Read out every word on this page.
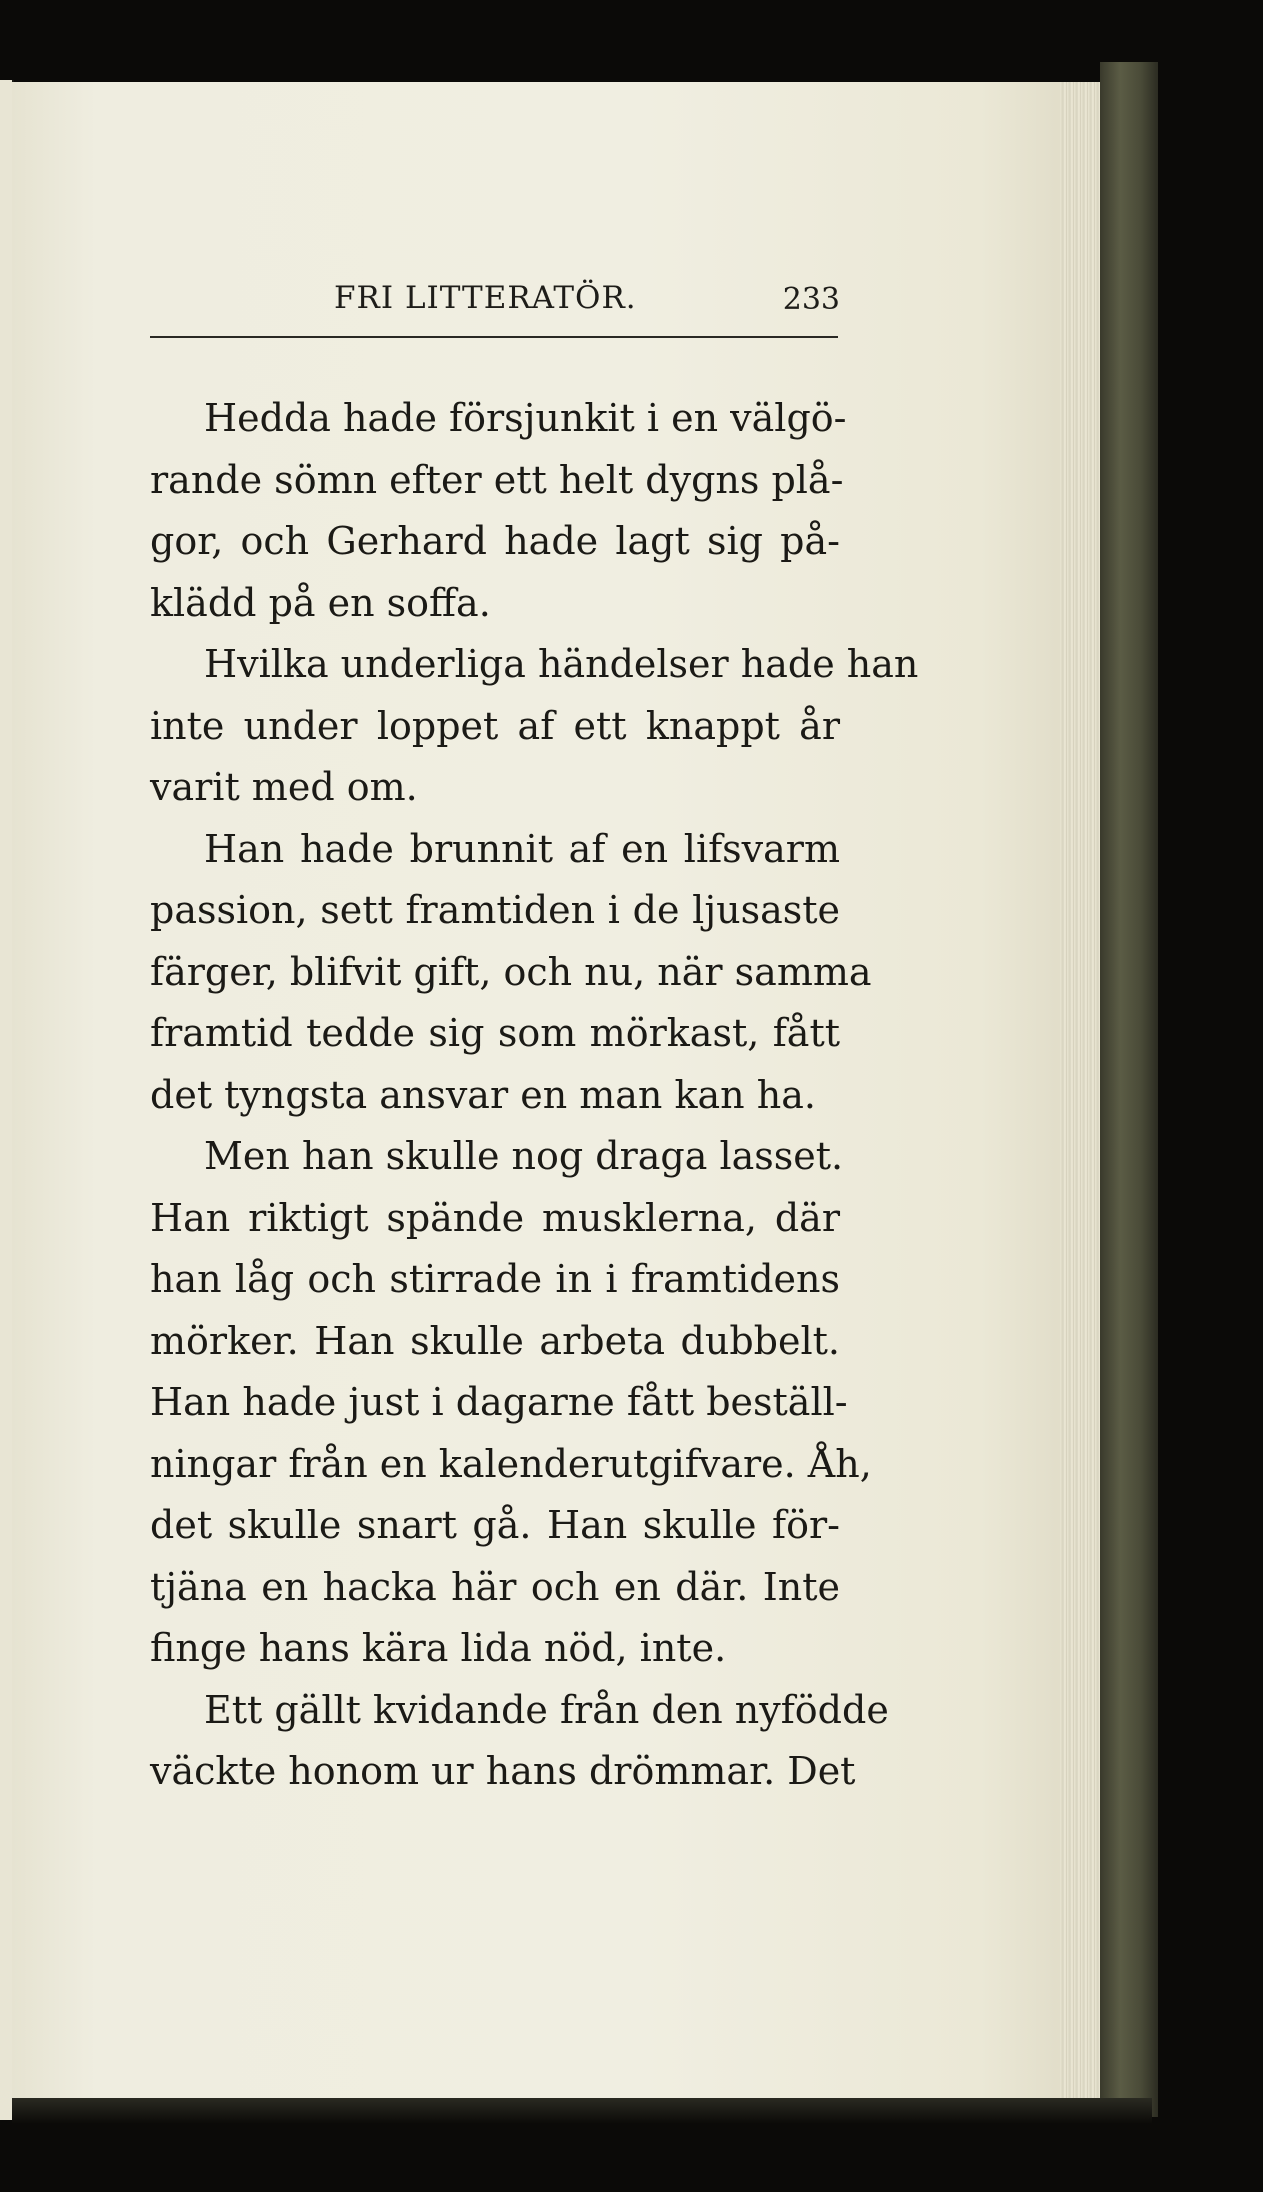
FRI LITTERATÖR.	233
Hedda hade försjunkit i en välgö-
rande sömn efter ett helt dygns plå-
gor, och Gerhard hade lagt sig på-
klädd på en soffa.
Hvilka underliga händelser hade han
inte under loppet af ett knappt år
varit med om.
Han hade brunnit af en lifsvarm
passion, sett framtiden i de ljusaste
färger, blifvit gift, och nu, när samma
framtid tedde sig som mörkast, fått
det tyngsta ansvar en man kan ha.
Men han skulle nog draga lasset.
Han riktigt spände musklerna, där
han låg och stirrade in i framtidens
mörker. Han skulle arbeta dubbelt.
Han hade just i dagarne fått beställ-
ningar från en kalenderutgifvare. Åh,
det skulle snart gå. Han skulle för-
tjäna en hacka här och en där. Inte
finge hans kära lida nöd, inte.
Ett gällt kvidande från den nyfödde
väckte honom ur hans drömmar. Det
